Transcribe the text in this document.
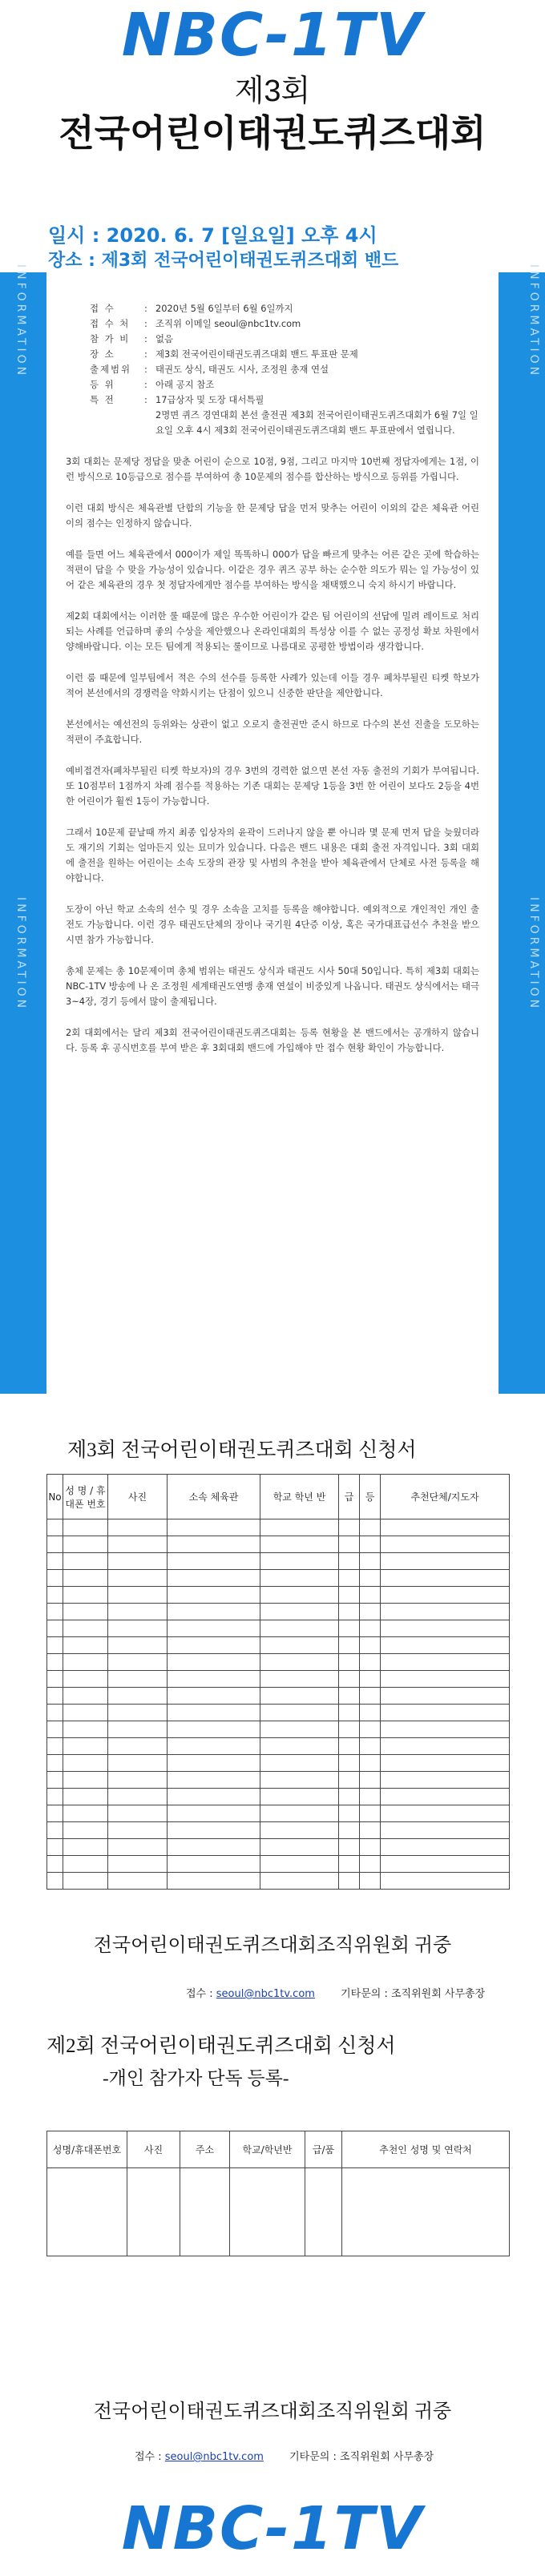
NBC-1TV
제3회
전국어린이태권도퀴즈대회
일시 : 2020. 6. 7 [일요일] 오후 4시
장소 : 제3회 전국어린이태권도퀴즈대회 밴드
INFORMATION
INFORMATION
INFORMATION
INFORMATION
접 수	: 2020년 5월 6일부터 6월 6일까지
접 수 처	: 조직위 이메일 seoul@nbc1tv.com
참 가 비	: 없음
장 소	: 제3회 전국어린이태권도퀴즈대회 밴드 투표판 문제
출제범위	: 태권도 상식, 태권도 시사, 조정원 총재 연설
등 위	: 아래 공지 참조
특 전	: 17급상자 및 도장 대서특필
2명면 퀴즈 경연대회 본선 출전권 제3회 전국어린이태권도퀴즈대회가 6월 7일 일요일 오후 4시 제3회 전국어린이태권도퀴즈대회 밴드 투표판에서 열립니다.

3회 대회는 문제당 정답을 맞춘 어린이 순으로 10점, 9점, 그리고 마지막 10번째 정답자에게는 1점, 이런 방식으로 10등급으로 점수를 부여하여 총 10문제의 점수를 합산하는 방식으로 등위를 가립니다.

이런 대회 방식은 체육관별 단합의 기능을 한 문제당 답을 먼저 맞추는 어린이 이외의 같은 체육관 어린이의 점수는 인정하지 않습니다.

예를 들면 어느 체육관에서 000이가 제일 똑똑하니 000가 답을 빠르게 맞추는 어른 같은 곳에 학습하는 적편이 답을 수 맞을 가능성이 있습니다. 이같은 경우 퀴즈 공부 하는 순수한 의도가 뭐는 일 가능성이 있어 같은 체육관의 경우 첫 정답자에게만 점수를 부여하는 방식을 채택했으니 숙지 하시기 바랍니다.

제2회 대회에서는 이러한 룰 때문에 많은 우수한 어린이가 같은 팀 어린이의 선답에 밀려 레이트로 처리되는 사례를 언급하며 좋의 수상을 제안했으나 온라인대회의 특성상 이를 수 없는 공정성 확보 차원에서 양해바랍니다. 이는 모든 팀에게 적용되는 룰이므로 나름대로 공평한 방법이라 생각합니다.

이런 룸 때문에 일부팀에서 적은 수의 선수를 등록한 사례가 있는데 이들 경우 폐차부될린 티켓 학보가 적어 본선에서의 경쟁력을 약화시키는 단점이 있으니 신중한 판단을 제안합니다.

본선에서는 예선전의 등위와는 상관이 없고 오로지 출전권만 준시 하므로 다수의 본선 진출을 도모하는 적편이 주효합니다.

예비접견자(폐차부될린 티켓 학보자)의 경우 3번의 경력한 없으면 본선 자동 출전의 기회가 부여됩니다. 또 10점부터 1점까지 차례 점수를 적용하는 기존 대회는 문제당 1등을 3번 한 어린이 보다도 2등을 4번 한 어린이가 훨씬 1등이 가능합니다.

그래서 10문제 끝날때 까지 최종 입상자의 윤곽이 드러나지 않을 뿐 아니라 몇 문제 먼저 답을 늦웠더라도 재기의 기회는 얼마든지 있는 묘미가 있습니다. 다음은 밴드 내용은 대회 출전 자격입니다. 3회 대회에 출전을 원하는 어린이는 소속 도장의 관장 및 사범의 추천을 받아 체육관에서 단체로 사전 등록을 해야합니다.

도장이 아닌 학교 소속의 선수 및 경우 소속을 고치를 등록을 해야합니다. 예외적으로 개인적인 개인 출전도 가능합니다. 이런 경우 태권도단체의 장이나 국기원 4단증 이상, 혹은 국가대표급선수 추천을 받으시면 참가 가능합니다.

총체 문제는 총 10문제이며 총체 범위는 태권도 상식과 태권도 시사 50대 50입니다. 특히 제3회 대회는 NBC-1TV 방송에 나 온 조정원 세계태권도연맹 총재 연설이 비중있게 나옵니다. 태권도 상식에서는 태극 3~4장, 경기 등에서 많이 출제됩니다.

2회 대회에서는 달리 제3회 전국어린이태권도퀴즈대회는 등록 현황을 본 밴드에서는 공개하지 않습니다. 등록 후 공식번호를 부여 받은 후 3회대회 밴드에 가입해야 만 접수 현황 확인이 가능합니다.

제3회 전국어린이태권도퀴즈대회 신청서
No	성 명 / 휴대폰 번호	사진	소속 체육관	학교 학년 반	급	등	추천단체/지도자

전국어린이태권도퀴즈대회조직위원회 귀중
접수 : seoul@nbc1tv.com 기타문의 : 조직위원회 사무총장
제2회 전국어린이태권도퀴즈대회 신청서
-개인 참가자 단독 등록-
성명/휴대폰번호	사진	주소	학교/학년반	급/품	추천인 성명 및 연락처

전국어린이태권도퀴즈대회조직위원회 귀중
접수 : seoul@nbc1tv.com 기타문의 : 조직위원회 사무총장
NBC-1TV
